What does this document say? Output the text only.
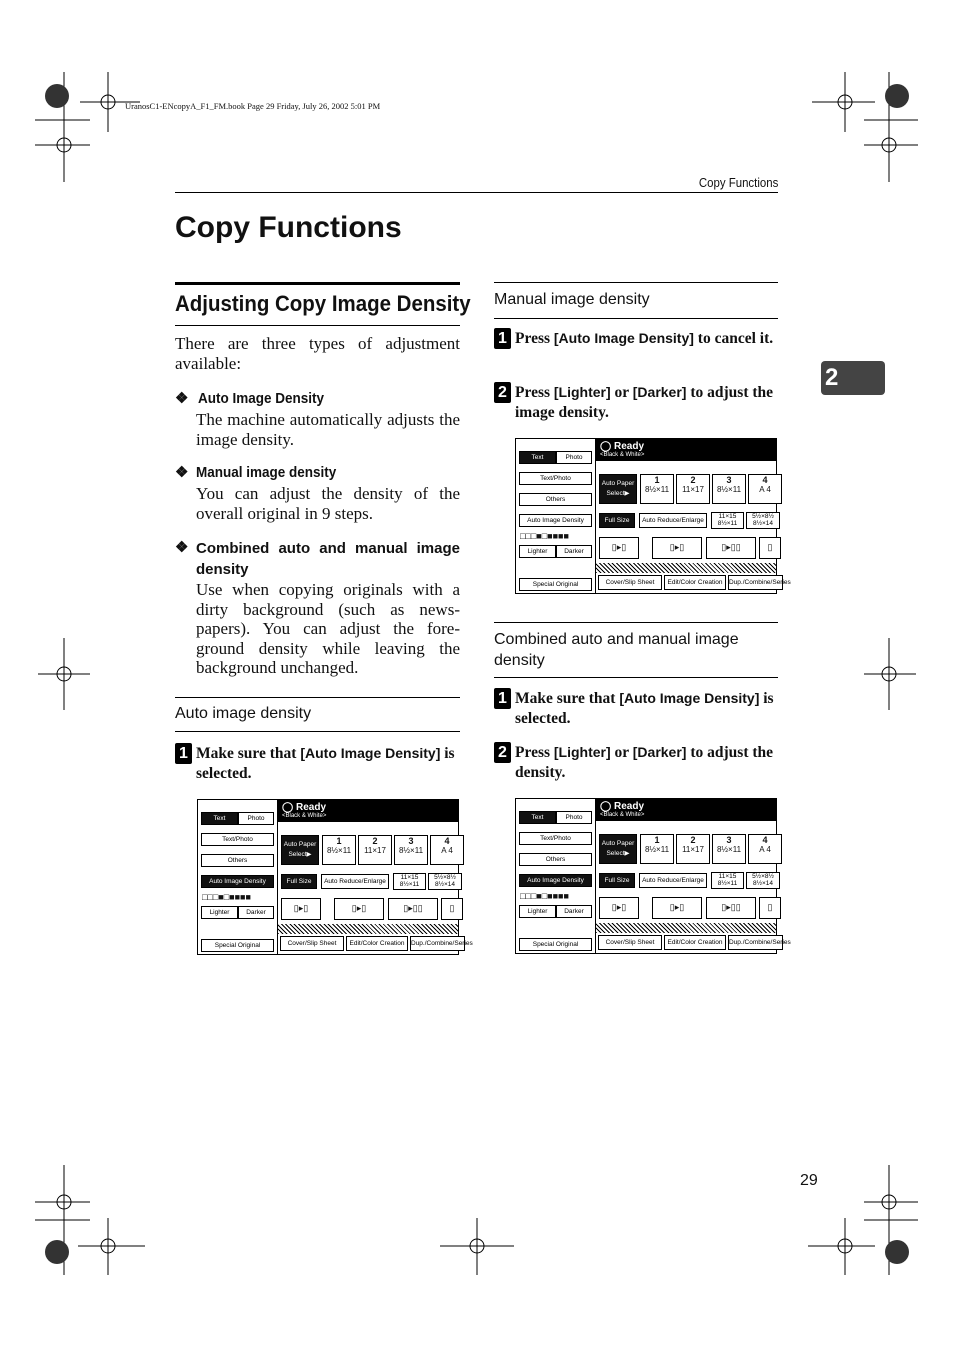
UranosC1-ENcopyA_F1_FM.book Page 29 Friday, July 26, 2002 5:01 PM
Copy Functions
Copy Functions
2
Adjusting Copy Image Density
There are three types of adjustment available:
❖ Auto Image Density
The machine automatically adjusts the image density.
❖ Manual image density
You can adjust the density of the overall original in 9 steps.
❖ Combined auto and manual image density
Use when copying originals with a dirty background (such as news-papers). You can adjust the fore-ground density while leaving the background unchanged.
Auto image density
1 Make sure that [Auto Image Density] is selected.
Manual image density
1 Press [Auto Image Density] to cancel it.
2 Press [Lighter] or [Darker] to adjust the image density.
Combined auto and manual image density
1 Make sure that [Auto Image Density] is selected.
2 Press [Lighter] or [Darker] to adjust the density.
Text	Photo
Text/Photo
Others
Auto Image Density
□□□■□■■■■
Lighter	Darker
Special Original
◯ Ready
<Black & White>
Auto Paper Select▶
1
8½×11
2
11×17
3
8½×11
4
A 4
Full Size	Auto Reduce/Enlarge
11×15 8½×11
5½×8½ 8½×14
▯▸▯	▯▸▯	▯▸▯▯	▯
Cover/Slip Sheet	Edit/Color Creation	Dup./Combine/Series
Text	Photo
Text/Photo
Others
Auto Image Density
□□□■□■■■■
Lighter	Darker
Special Original
◯ Ready
<Black & White>
Auto Paper Select▶
1
8½×11
2
11×17
3
8½×11
4
A 4
Full Size	Auto Reduce/Enlarge
11×15 8½×11
5½×8½ 8½×14
▯▸▯	▯▸▯	▯▸▯▯	▯
Cover/Slip Sheet	Edit/Color Creation	Dup./Combine/Series
Text	Photo
Text/Photo
Others
Auto Image Density
□□□■□■■■■
Lighter	Darker
Special Original
◯ Ready
<Black & White>
Auto Paper Select▶
1
8½×11
2
11×17
3
8½×11
4
A 4
Full Size	Auto Reduce/Enlarge
11×15 8½×11
5½×8½ 8½×14
▯▸▯	▯▸▯	▯▸▯▯	▯
Cover/Slip Sheet	Edit/Color Creation	Dup./Combine/Series
29
